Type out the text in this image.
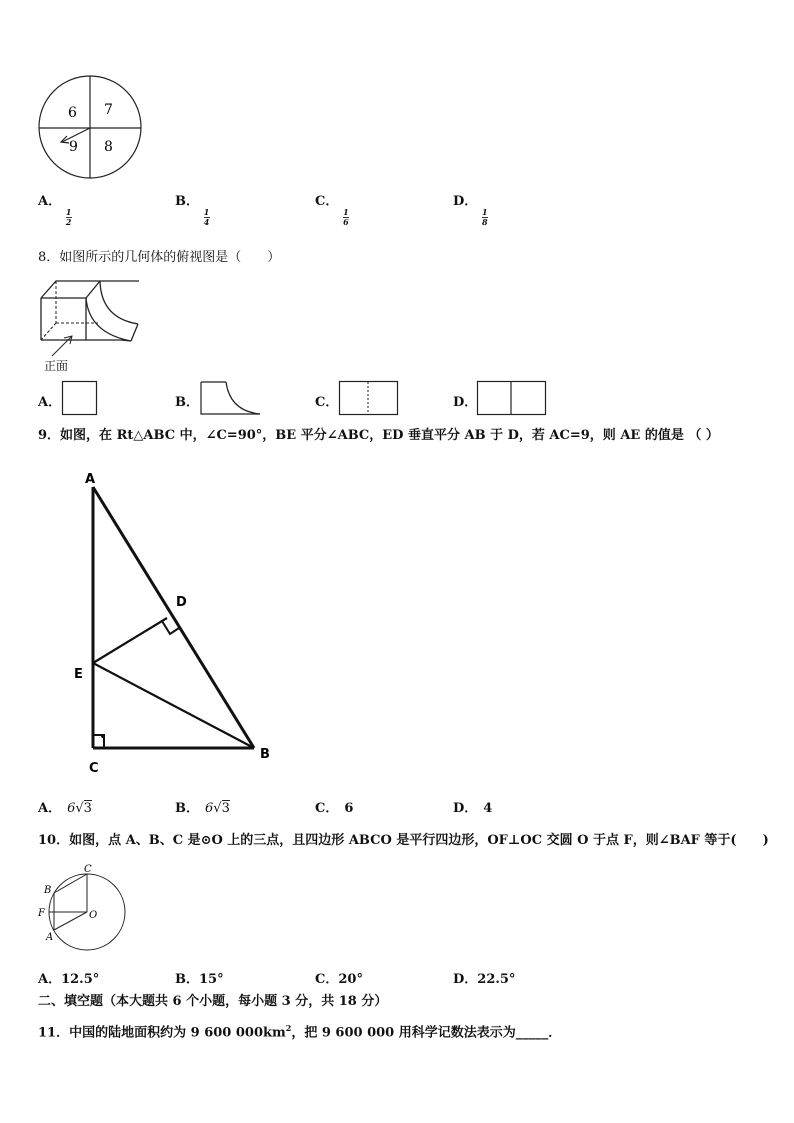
6 7
9 8
A．
$\frac{1}{2}$
B．
$\frac{1}{4}$
C．
$\frac{1}{6}$
D．
$\frac{1}{8}$
8．如图所示的几何体的俯视图是（　　）
正面
A．	B．	C．	D．
9．如图，在 Rt△ABC 中，∠C=90°，BE 平分∠ABC，ED 垂直平分 AB 于 D，若 AC=9，则 AE 的值是 （ ）
A
D
E
C
B
A． 6√3	B． 6√3	C． 6	D． 4
10．如图，点 A、B、C 是⊙O 上的三点，且四边形 ABCO 是平行四边形，OF⊥OC 交圆 O 于点 F，则∠BAF 等于(　　)
C
B
F	O
A
A．12.5°	B．15°	C．20°	D．22.5°
二、填空题（本大题共 6 个小题，每小题 3 分，共 18 分）
11．中国的陆地面积约为 9 600 $000km^2$，把 9 600 000 用科学记数法表示为_____．
